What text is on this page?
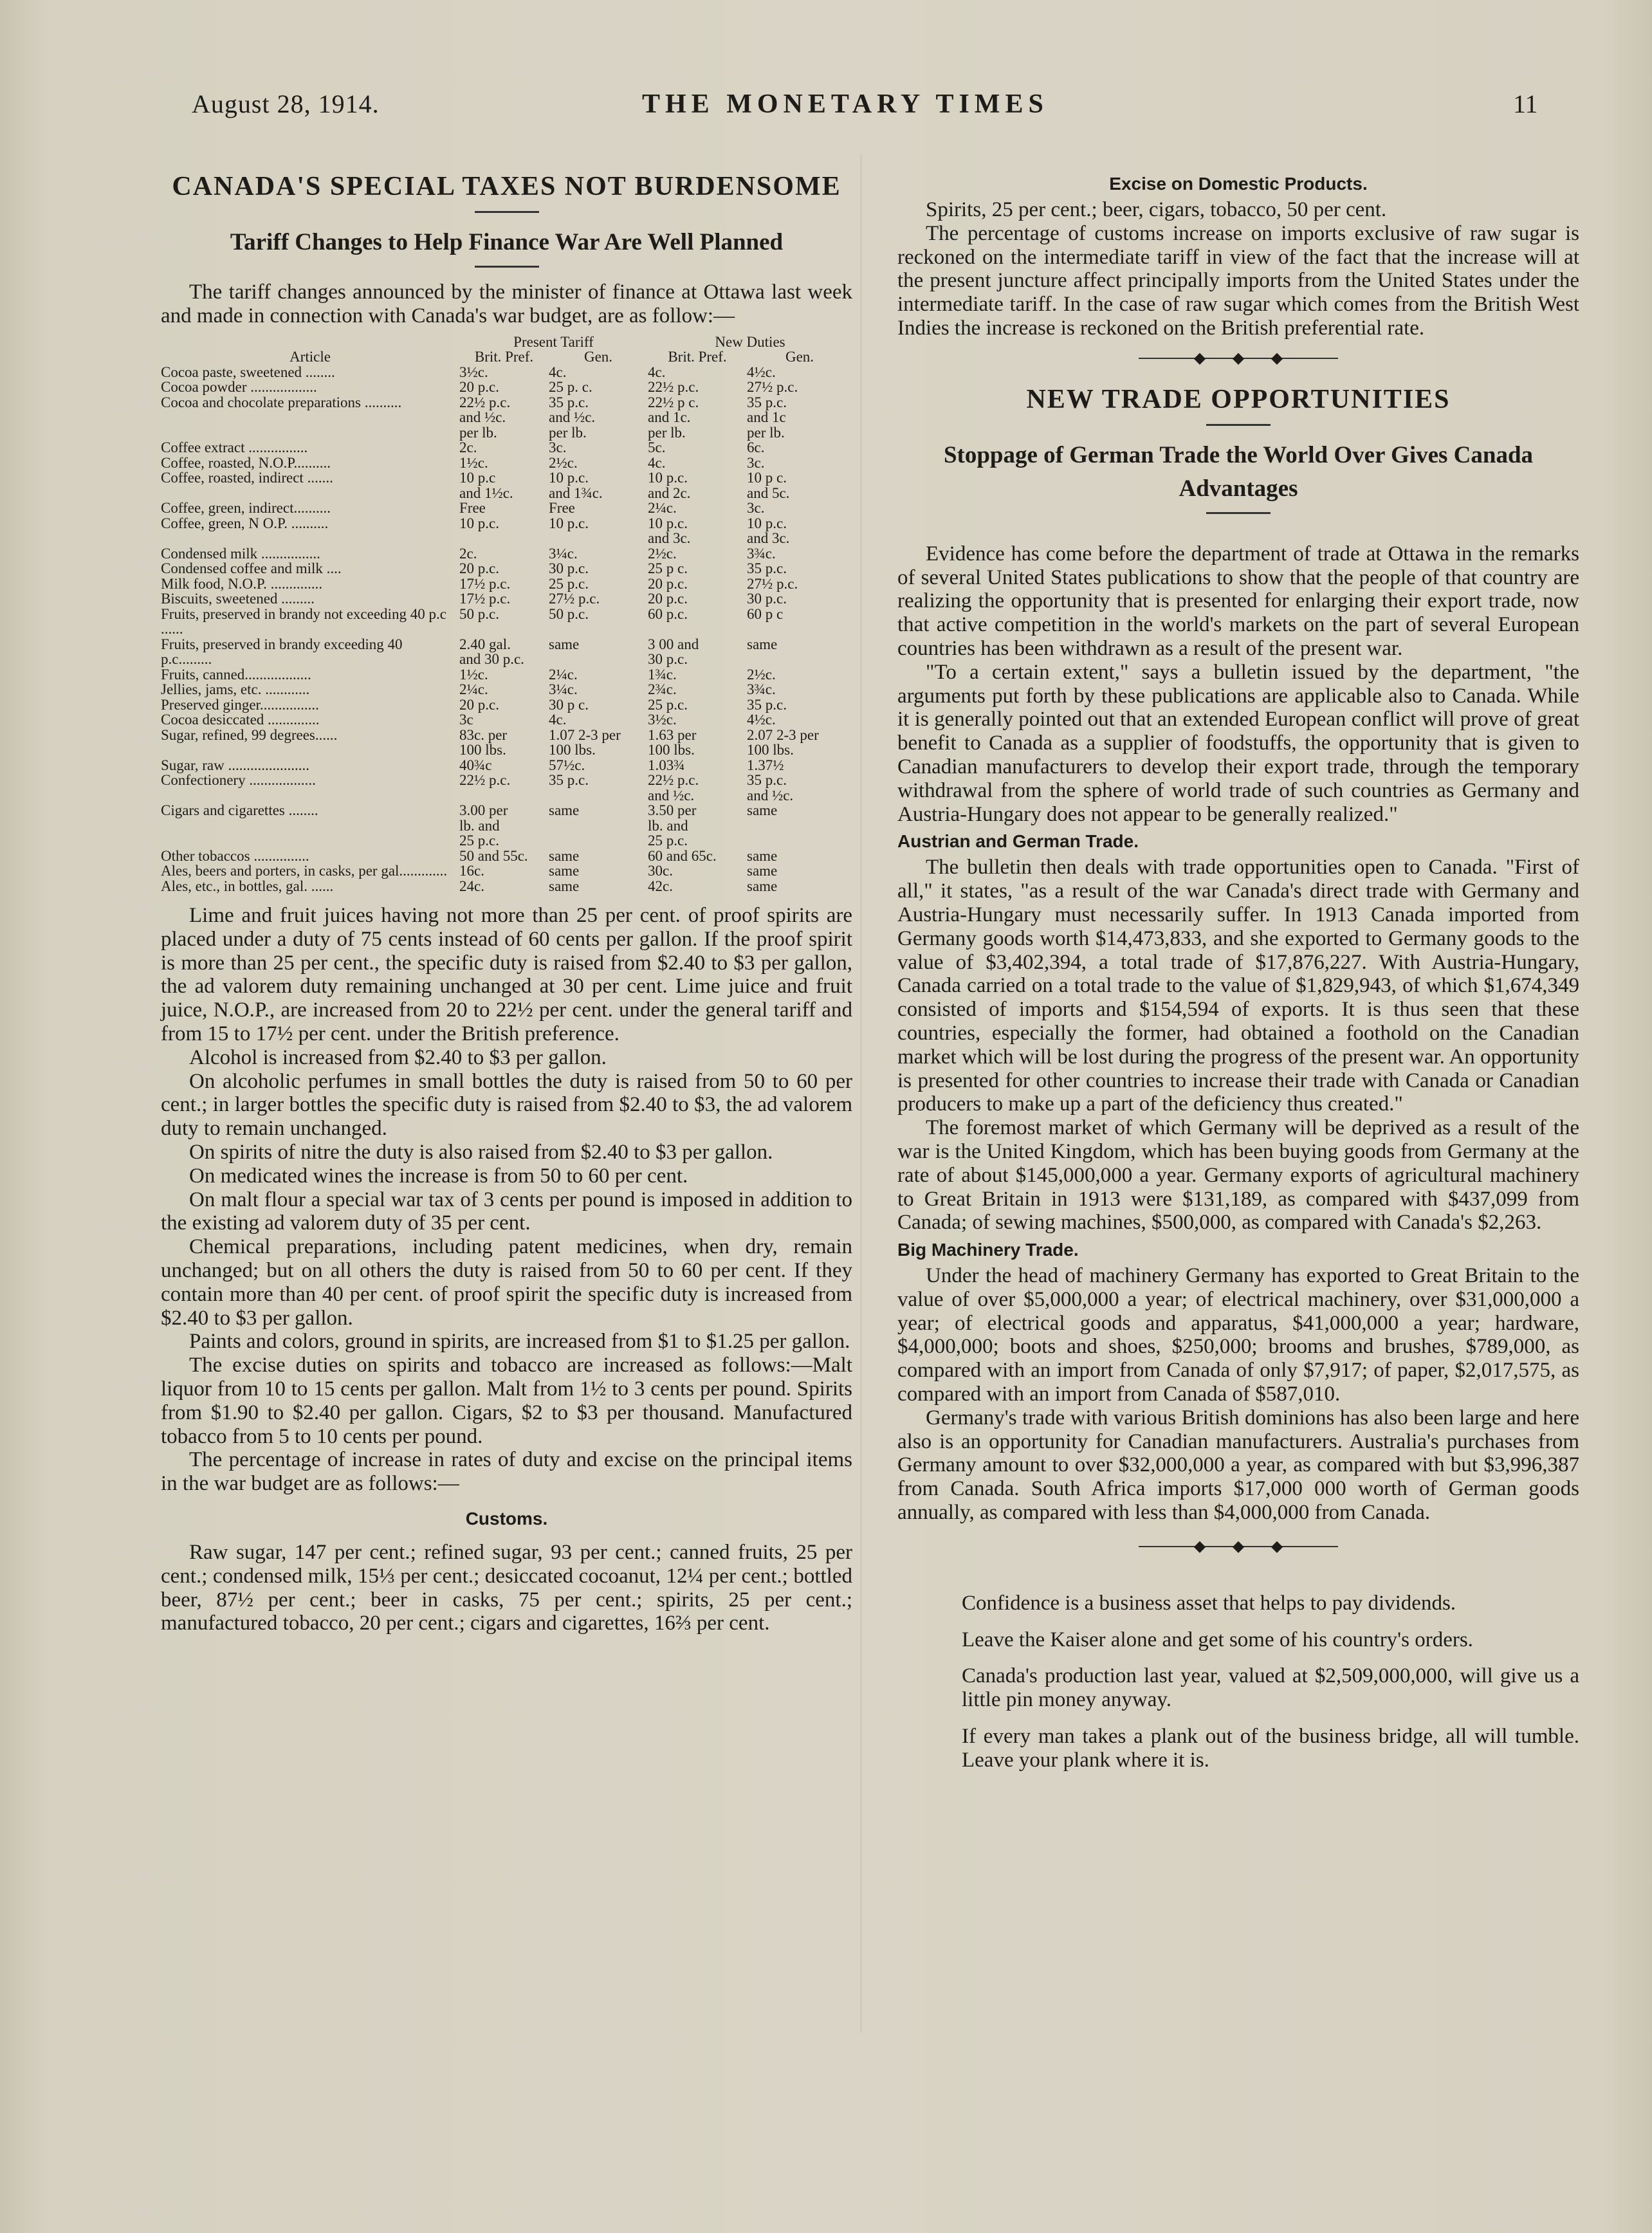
August 28, 1914.	THE MONETARY TIMES	11
CANADA'S SPECIAL TAXES NOT BURDENSOME
Tariff Changes to Help Finance War Are Well Planned

The tariff changes announced by the minister of finance at Ottawa last week and made in connection with Canada's war budget, are as follow:—

	Present Tariff		New Duties	
Article	Brit. Pref.	Gen.	Brit. Pref.	Gen.
Cocoa paste, sweetened ........	3½c.	4c.	4c.	4½c.
Cocoa powder ..................	20 p.c.	25 p. c.	22½ p.c.	27½ p.c.
Cocoa and chocolate preparations ..........	22½ p.c.
and ½c.
per lb.	35 p.c.
and ½c.
per lb.	22½ p c.
and 1c.
per lb.	35 p.c.
and 1c
per lb.
Coffee extract ................	2c.	3c.	5c.	6c.
Coffee, roasted, N.O.P..........	1½c.	2½c.	4c.	3c.
Coffee, roasted, indirect .......	10 p.c
and 1½c.	10 p.c.
and 1¾c.	10 p.c.
and 2c.	10 p c.
and 5c.
Coffee, green, indirect..........	Free	Free	2¼c.	3c.
Coffee, green, N O.P. ..........	10 p.c.	10 p.c.	10 p.c.
and 3c.	10 p.c.
and 3c.
Condensed milk ................	2c.	3¼c.	2½c.	3¾c.
Condensed coffee and milk ....	20 p.c.	30 p.c.	25 p c.	35 p.c.
Milk food, N.O.P. ..............	17½ p.c.	25 p.c.	20 p.c.	27½ p.c.
Biscuits, sweetened .........	17½ p.c.	27½ p.c.	20 p.c.	30 p.c.
Fruits, preserved in brandy not exceeding 40 p.c ......	50 p.c.	50 p.c.	60 p.c.	60 p c
Fruits, preserved in brandy exceeding 40 p.c.........	2.40 gal.
and 30 p.c.	same	3 00 and
30 p.c.	same
Fruits, canned..................	1½c.	2¼c.	1¾c.	2½c.
Jellies, jams, etc. ............	2¼c.	3¼c.	2¾c.	3¾c.
Preserved ginger................	20 p.c.	30 p c.	25 p.c.	35 p.c.
Cocoa desiccated ..............	3c	4c.	3½c.	4½c.
Sugar, refined, 99 degrees......	83c. per
100 lbs.	1.07 2-3 per
100 lbs.	1.63 per
100 lbs.	2.07 2-3 per
100 lbs.
Sugar, raw ......................	40¾c	57½c.	1.03¾	1.37½
Confectionery ..................	22½ p.c.	35 p.c.	22½ p.c.
and ½c.	35 p.c.
and ½c.
Cigars and cigarettes ........	3.00 per
lb. and
25 p.c.	same	3.50 per
lb. and
25 p.c.	same
Other tobaccos ...............	50 and 55c.	same	60 and 65c.	same
Ales, beers and porters, in casks, per gal.............	16c.	same	30c.	same
Ales, etc., in bottles, gal. ......	24c.	same	42c.	same

Lime and fruit juices having not more than 25 per cent. of proof spirits are placed under a duty of 75 cents instead of 60 cents per gallon. If the proof spirit is more than 25 per cent., the specific duty is raised from $2.40 to $3 per gallon, the ad valorem duty remaining unchanged at 30 per cent. Lime juice and fruit juice, N.O.P., are increased from 20 to 22½ per cent. under the general tariff and from 15 to 17½ per cent. under the British preference.

Alcohol is increased from $2.40 to $3 per gallon.

On alcoholic perfumes in small bottles the duty is raised from 50 to 60 per cent.; in larger bottles the specific duty is raised from $2.40 to $3, the ad valorem duty to remain unchanged.

On spirits of nitre the duty is also raised from $2.40 to $3 per gallon.

On medicated wines the increase is from 50 to 60 per cent.

On malt flour a special war tax of 3 cents per pound is imposed in addition to the existing ad valorem duty of 35 per cent.

Chemical preparations, including patent medicines, when dry, remain unchanged; but on all others the duty is raised from 50 to 60 per cent. If they contain more than 40 per cent. of proof spirit the specific duty is increased from $2.40 to $3 per gallon.

Paints and colors, ground in spirits, are increased from $1 to $1.25 per gallon.

The excise duties on spirits and tobacco are increased as follows:—Malt liquor from 10 to 15 cents per gallon. Malt from 1½ to 3 cents per pound. Spirits from $1.90 to $2.40 per gallon. Cigars, $2 to $3 per thousand. Manufactured tobacco from 5 to 10 cents per pound.

The percentage of increase in rates of duty and excise on the principal items in the war budget are as follows:—

Customs.

Raw sugar, 147 per cent.; refined sugar, 93 per cent.; canned fruits, 25 per cent.; condensed milk, 15⅓ per cent.; desiccated cocoanut, 12¼ per cent.; bottled beer, 87½ per cent.; beer in casks, 75 per cent.; spirits, 25 per cent.; manufactured tobacco, 20 per cent.; cigars and cigarettes, 16⅔ per cent.

Excise on Domestic Products.

Spirits, 25 per cent.; beer, cigars, tobacco, 50 per cent.

The percentage of customs increase on imports exclusive of raw sugar is reckoned on the intermediate tariff in view of the fact that the increase will at the present juncture affect principally imports from the United States under the intermediate tariff. In the case of raw sugar which comes from the British West Indies the increase is reckoned on the British preferential rate.

◆ ◆ ◆
NEW TRADE OPPORTUNITIES
Stoppage of German Trade the World Over Gives Canada Advantages

Evidence has come before the department of trade at Ottawa in the remarks of several United States publications to show that the people of that country are realizing the opportunity that is presented for enlarging their export trade, now that active competition in the world's markets on the part of several European countries has been withdrawn as a result of the present war.

"To a certain extent," says a bulletin issued by the department, "the arguments put forth by these publications are applicable also to Canada. While it is generally pointed out that an extended European conflict will prove of great benefit to Canada as a supplier of foodstuffs, the opportunity that is given to Canadian manufacturers to develop their export trade, through the temporary withdrawal from the sphere of world trade of such countries as Germany and Austria-Hungary does not appear to be generally realized."

Austrian and German Trade.

The bulletin then deals with trade opportunities open to Canada. "First of all," it states, "as a result of the war Canada's direct trade with Germany and Austria-Hungary must necessarily suffer. In 1913 Canada imported from Germany goods worth $14,473,833, and she exported to Germany goods to the value of $3,402,394, a total trade of $17,876,227. With Austria-Hungary, Canada carried on a total trade to the value of $1,829,943, of which $1,674,349 consisted of imports and $154,594 of exports. It is thus seen that these countries, especially the former, had obtained a foothold on the Canadian market which will be lost during the progress of the present war. An opportunity is presented for other countries to increase their trade with Canada or Canadian producers to make up a part of the deficiency thus created."

The foremost market of which Germany will be deprived as a result of the war is the United Kingdom, which has been buying goods from Germany at the rate of about $145,000,000 a year. Germany exports of agricultural machinery to Great Britain in 1913 were $131,189, as compared with $437,099 from Canada; of sewing machines, $500,000, as compared with Canada's $2,263.

Big Machinery Trade.

Under the head of machinery Germany has exported to Great Britain to the value of over $5,000,000 a year; of electrical machinery, over $31,000,000 a year; of electrical goods and apparatus, $41,000,000 a year; hardware, $4,000,000; boots and shoes, $250,000; brooms and brushes, $789,000, as compared with an import from Canada of only $7,917; of paper, $2,017,575, as compared with an import from Canada of $587,010.

Germany's trade with various British dominions has also been large and here also is an opportunity for Canadian manufacturers. Australia's purchases from Germany amount to over $32,000,000 a year, as compared with but $3,996,387 from Canada. South Africa imports $17,000 000 worth of German goods annually, as compared with less than $4,000,000 from Canada.

◆ ◆ ◆

Confidence is a business asset that helps to pay dividends.

Leave the Kaiser alone and get some of his country's orders.

Canada's production last year, valued at $2,509,000,000, will give us a little pin money anyway.

If every man takes a plank out of the business bridge, all will tumble. Leave your plank where it is.
